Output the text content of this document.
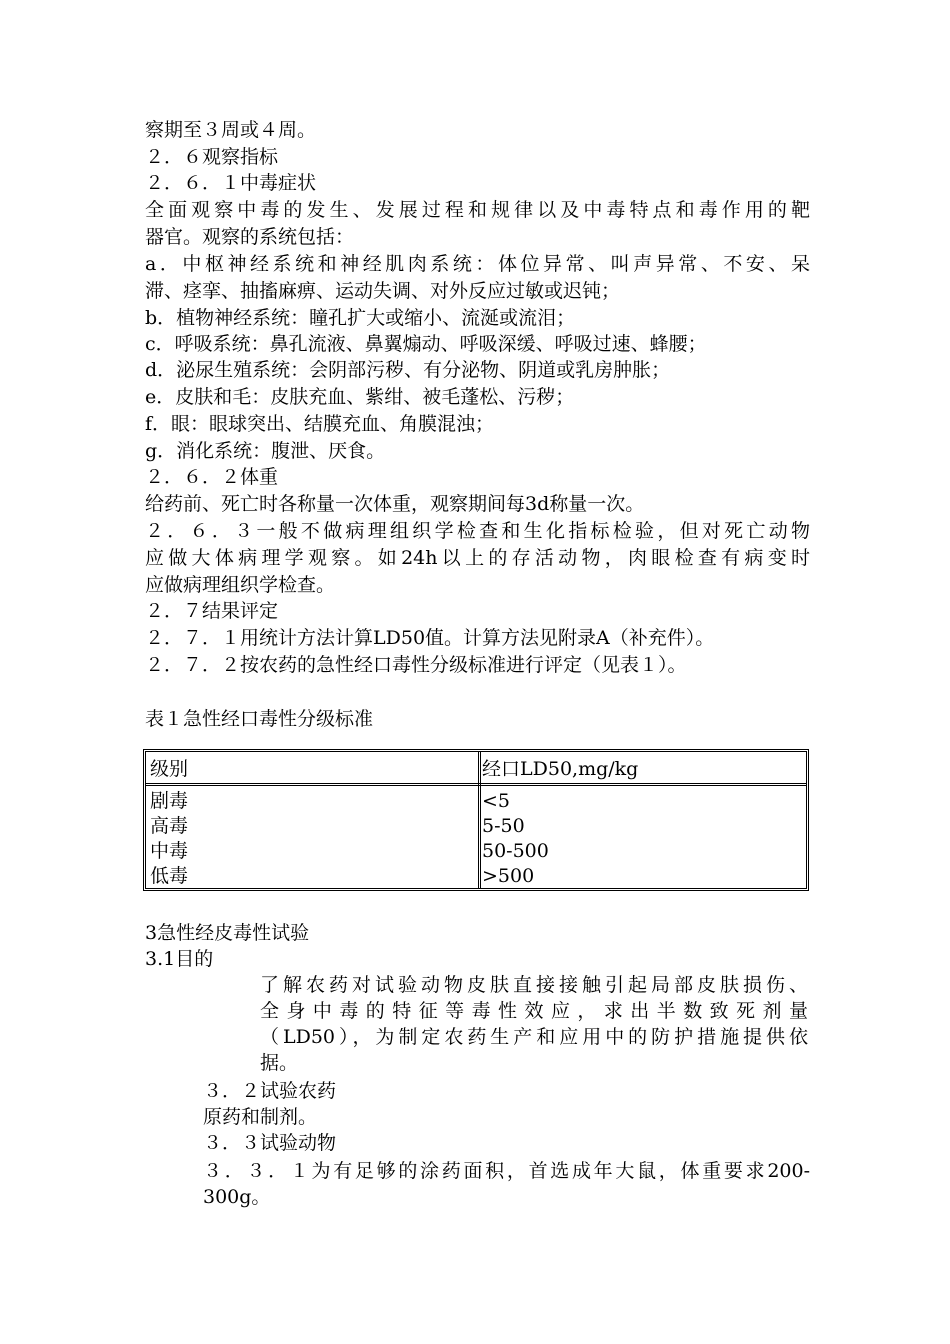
察期至３周或４周。
２．６观察指标
２．６．１中毒症状
全面观察中毒的发生、发展过程和规律以及中毒特点和毒作用的靶
器官。观察的系统包括：
a．中枢神经系统和神经肌肉系统：体位异常、叫声异常、不安、呆
滞、痉挛、抽搐麻痹、运动失调、对外反应过敏或迟钝；
b．植物神经系统：瞳孔扩大或缩小、流涎或流泪；
c．呼吸系统：鼻孔流液、鼻翼煽动、呼吸深缓、呼吸过速、蜂腰；
d．泌尿生殖系统：会阴部污秽、有分泌物、阴道或乳房肿胀；
e．皮肤和毛：皮肤充血、紫绀、被毛蓬松、污秽；
f．眼：眼球突出、结膜充血、角膜混浊；
g．消化系统：腹泄、厌食。
２．６．２体重
给药前、死亡时各称量一次体重，观察期间每3d称量一次。
２．６．３一般不做病理组织学检查和生化指标检验，但对死亡动物
应做大体病理学观察。如24h以上的存活动物，肉眼检查有病变时
应做病理组织学检查。
２．７结果评定
２．７．１用统计方法计算LD50值。计算方法见附录A（补充件）。
２．７．２按农药的急性经口毒性分级标准进行评定（见表１）。
表１急性经口毒性分级标准
级别	经口LD50,mg/kg
剧毒	<5
高毒	5-50
中毒	50-500
低毒	>500
3急性经皮毒性试验
3.1目的
了解农药对试验动物皮肤直接接触引起局部皮肤损伤、
全身中毒的特征等毒性效应，求出半数致死剂量
（LD50），为制定农药生产和应用中的防护措施提供依
据。
３．２试验农药
原药和制剂。
３．３试验动物
３．３．１为有足够的涂药面积，首选成年大鼠，体重要求200-
300g。
